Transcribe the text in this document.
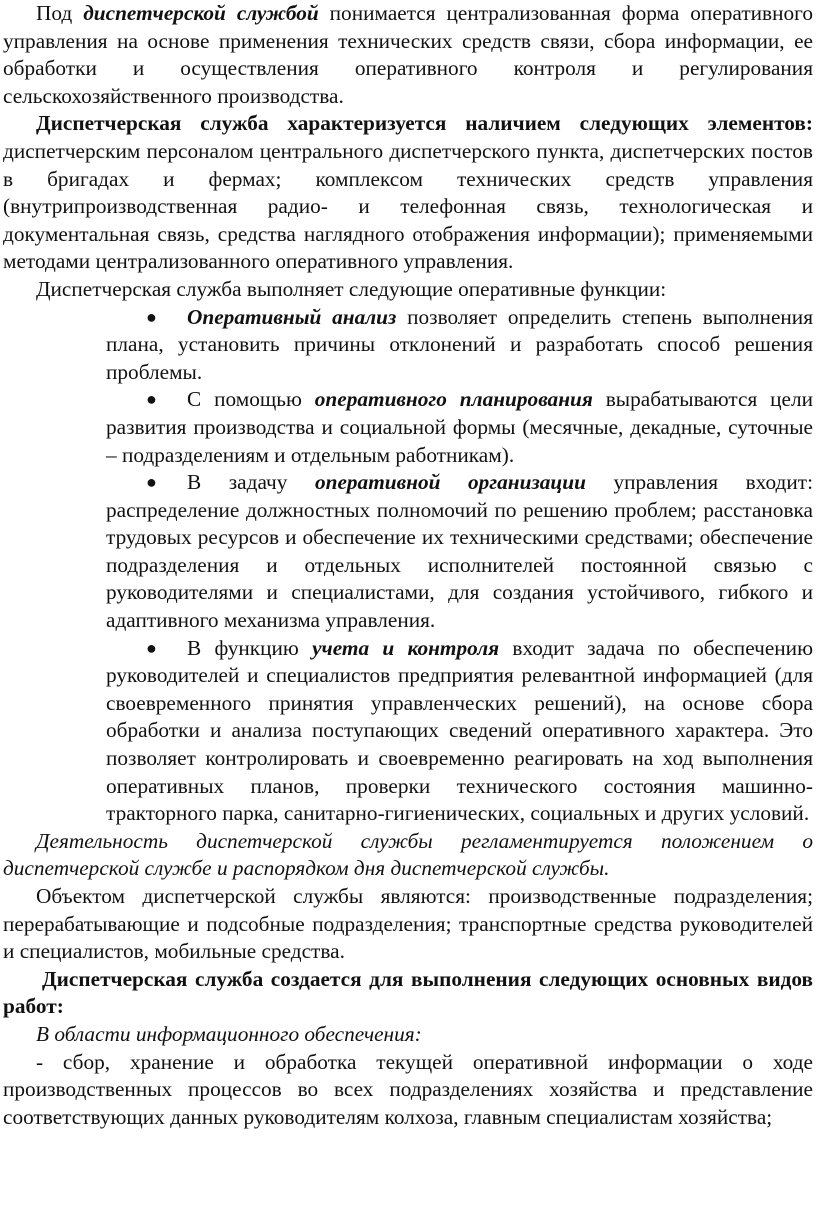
Под диспетчерской службой понимается централизованная форма оперативного управления на основе применения технических средств связи, сбора информации, ее обработки и осуществления оперативного контроля и регулирования сельскохозяйственного производства.

Диспетчерская служба характеризуется наличием следующих элементов: диспетчерским персоналом центрального диспетчерского пункта, диспетчерских постов в бригадах и фермах; комплексом технических средств управления (внутрипроизводственная радио- и телефонная связь, технологическая и документальная связь, средства наглядного отображения информации); применяемыми методами централизованного оперативного управления.

Диспетчерская служба выполняет следующие оперативные функции:

● Оперативный анализ позволяет определить степень выполнения плана, установить причины отклонений и разработать способ решения проблемы.
● С помощью оперативного планирования вырабатываются цели развития производства и социальной формы (месячные, декадные, суточные – подразделениям и отдельным работникам).
● В задачу оперативной организации управления входит: распределение должностных полномочий по решению проблем; расстановка трудовых ресурсов и обеспечение их техническими средствами; обеспечение подразделения и отдельных исполнителей постоянной связью с руководителями и специалистами, для создания устойчивого, гибкого и адаптивного механизма управления.
● В функцию учета и контроля входит задача по обеспечению руководителей и специалистов предприятия релевантной информацией (для своевременного принятия управленческих решений), на основе сбора обработки и анализа поступающих сведений оперативного характера. Это позволяет контролировать и своевременно реагировать на ход выполнения оперативных планов, проверки технического состояния машинно-тракторного парка, санитарно-гигиенических, социальных и других условий.

Деятельность диспетчерской службы регламентируется положением о диспетчерской службе и распорядком дня диспетчерской службы.

Объектом диспетчерской службы являются: производственные подразделения; перерабатывающие и подсобные подразделения; транспортные средства руководителей и специалистов, мобильные средства.

Диспетчерская служба создается для выполнения следующих основных видов работ:

В области информационного обеспечения:

- сбор, хранение и обработка текущей оперативной информации о ходе производственных процессов во всех подразделениях хозяйства и представление соответствующих данных руководителям колхоза, главным специалистам хозяйства;
